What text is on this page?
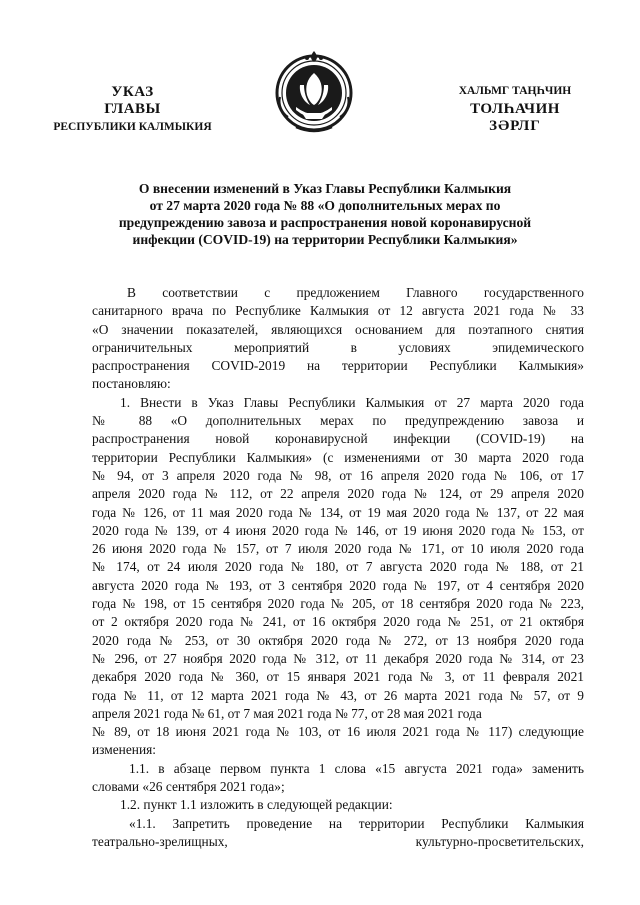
УКАЗ
ГЛАВЫ
РЕСПУБЛИКИ КАЛМЫКИЯ
ХАЛЬМГ ТАҢҺЧИН
ТОЛҺАЧИН
ЗӘРЛГ
О внесении изменений в Указ Главы Республики Калмыкия
от 27 марта 2020 года № 88 «О дополнительных мерах по
предупреждению завоза и распространения новой коронавирусной
инфекции (COVID-19) на территории Республики Калмыкия»
В соответствии с предложением Главного государственного
санитарного врача по Республике Калмыкия от 12 августа 2021 года № 33
«О значении показателей, являющихся основанием для поэтапного снятия
ограничительных мероприятий в условиях эпидемического
распространения COVID-2019 на территории Республики Калмыкия»
постановляю:
1. Внести в Указ Главы Республики Калмыкия от 27 марта 2020 года
№ 88 «О дополнительных мерах по предупреждению завоза и
распространения новой коронавирусной инфекции (COVID-19) на
территории Республики Калмыкия» (с изменениями от 30 марта 2020 года
№ 94, от 3 апреля 2020 года № 98, от 16 апреля 2020 года № 106, от 17
апреля 2020 года № 112, от 22 апреля 2020 года № 124, от 29 апреля 2020
года № 126, от 11 мая 2020 года № 134, от 19 мая 2020 года № 137, от 22 мая
2020 года № 139, от 4 июня 2020 года № 146, от 19 июня 2020 года № 153, от
26 июня 2020 года № 157, от 7 июля 2020 года № 171, от 10 июля 2020 года
№ 174, от 24 июля 2020 года № 180, от 7 августа 2020 года № 188, от 21
августа 2020 года № 193, от 3 сентября 2020 года № 197, от 4 сентября 2020
года № 198, от 15 сентября 2020 года № 205, от 18 сентября 2020 года № 223,
от 2 октября 2020 года № 241, от 16 октября 2020 года № 251, от 21 октября
2020 года № 253, от 30 октября 2020 года № 272, от 13 ноября 2020 года
№ 296, от 27 ноября 2020 года № 312, от 11 декабря 2020 года № 314, от 23
декабря 2020 года № 360, от 15 января 2021 года № 3, от 11 февраля 2021
года № 11, от 12 марта 2021 года № 43, от 26 марта 2021 года № 57, от 9
апреля 2021 года № 61, от 7 мая 2021 года № 77, от 28 мая 2021 года
№ 89, от 18 июня 2021 года № 103, от 16 июля 2021 года № 117) следующие
изменения:
1.1. в абзаце первом пункта 1 слова «15 августа 2021 года» заменить
словами «26 сентября 2021 года»;
1.2. пункт 1.1 изложить в следующей редакции:
«1.1. Запретить проведение на территории Республики Калмыкия
театрально-зрелищных, культурно-просветительских,
